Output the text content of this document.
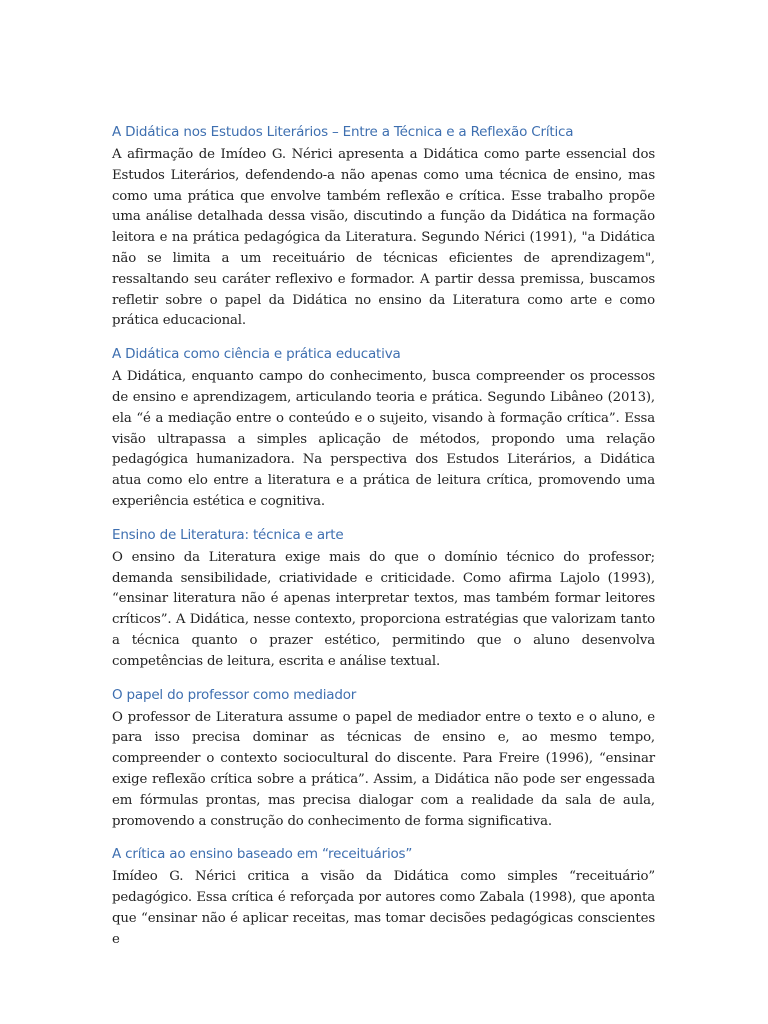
A Didática nos Estudos Literários – Entre a Técnica e a Reflexão Crítica

A afirmação de Imídeo G. Nérici apresenta a Didática como parte essencial dos Estudos Literários, defendendo-a não apenas como uma técnica de ensino, mas como uma prática que envolve também reflexão e crítica. Esse trabalho propõe uma análise detalhada dessa visão, discutindo a função da Didática na formação leitora e na prática pedagógica da Literatura. Segundo Nérici (1991), "a Didática não se limita a um receituário de técnicas eficientes de aprendizagem", ressaltando seu caráter reflexivo e formador. A partir dessa premissa, buscamos refletir sobre o papel da Didática no ensino da Literatura como arte e como prática educacional.

A Didática como ciência e prática educativa

A Didática, enquanto campo do conhecimento, busca compreender os processos de ensino e aprendizagem, articulando teoria e prática. Segundo Libâneo (2013), ela “é a mediação entre o conteúdo e o sujeito, visando à formação crítica”. Essa visão ultrapassa a simples aplicação de métodos, propondo uma relação pedagógica humanizadora. Na perspectiva dos Estudos Literários, a Didática atua como elo entre a literatura e a prática de leitura crítica, promovendo uma experiência estética e cognitiva.

Ensino de Literatura: técnica e arte

O ensino da Literatura exige mais do que o domínio técnico do professor; demanda sensibilidade, criatividade e criticidade. Como afirma Lajolo (1993), “ensinar literatura não é apenas interpretar textos, mas também formar leitores críticos”. A Didática, nesse contexto, proporciona estratégias que valorizam tanto a técnica quanto o prazer estético, permitindo que o aluno desenvolva competências de leitura, escrita e análise textual.

O papel do professor como mediador

O professor de Literatura assume o papel de mediador entre o texto e o aluno, e para isso precisa dominar as técnicas de ensino e, ao mesmo tempo, compreender o contexto sociocultural do discente. Para Freire (1996), “ensinar exige reflexão crítica sobre a prática”. Assim, a Didática não pode ser engessada em fórmulas prontas, mas precisa dialogar com a realidade da sala de aula, promovendo a construção do conhecimento de forma significativa.

A crítica ao ensino baseado em “receituários”

Imídeo G. Nérici critica a visão da Didática como simples “receituário” pedagógico. Essa crítica é reforçada por autores como Zabala (1998), que aponta que “ensinar não é aplicar receitas, mas tomar decisões pedagógicas conscientes e
